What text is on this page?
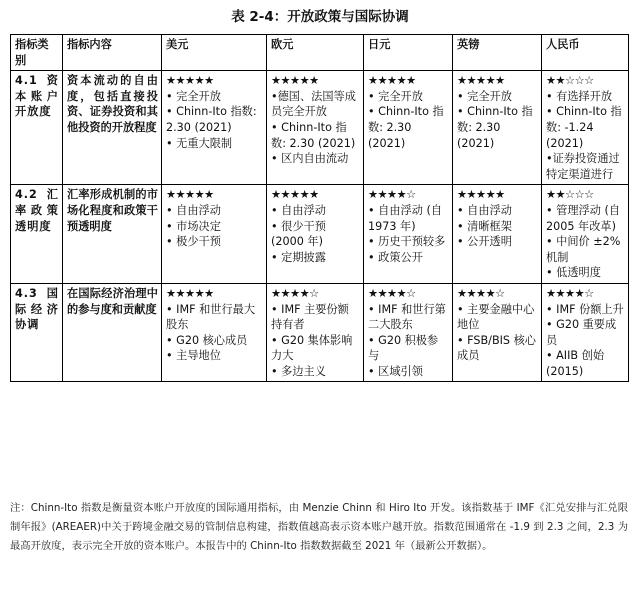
表 2-4：开放政策与国际协调
指标类别	指标内容	美元	欧元	日元	英镑	人民币
4.1资本账户开放度	资本流动的自由度，包括直接投资、证券投资和其他投资的开放程度	★★★★★
• 完全开放
• Chinn-Ito 指数: 2.30 (2021)
• 无重大限制	★★★★★
•德国、法国等成员完全开放
• Chinn-Ito 指数: 2.30 (2021)
• 区内自由流动	★★★★★
• 完全开放
• Chinn-Ito 指数: 2.30 (2021)	★★★★★
• 完全开放
• Chinn-Ito 指数: 2.30 (2021)	★★☆☆☆
• 有选择开放
• Chinn-Ito 指数: -1.24 (2021)
•证券投资通过特定渠道进行

4.2汇率政策透明度	汇率形成机制的市场化程度和政策干预透明度	★★★★★
• 自由浮动
• 市场决定
• 极少干预	★★★★★
• 自由浮动
• 很少干预 (2000 年)
• 定期披露	★★★★☆
• 自由浮动 (自 1973 年)
• 历史干预较多
• 政策公开	★★★★★
• 自由浮动
• 清晰框架
• 公开透明	★★☆☆☆
• 管理浮动 (自 2005 年改革)
• 中间价 ±2%机制
• 低透明度

4.3国际经济协调	在国际经济治理中的参与度和贡献度	★★★★★
• IMF 和世行最大股东
• G20 核心成员
• 主导地位	★★★★☆
• IMF 主要份额持有者
• G20 集体影响力大
• 多边主义	★★★★☆
• IMF 和世行第二大股东
• G20 积极参与
• 区域引领	★★★★☆
• 主要金融中心地位
• FSB/BIS 核心成员	★★★★☆
• IMF 份额上升
• G20 重要成员
• AIIB 创始 (2015)
注：Chinn-Ito 指数是衡量资本账户开放度的国际通用指标，由 Menzie Chinn 和 Hiro Ito 开发。该指数基于 IMF《汇兑安排与汇兑限制年报》(AREAER)中关于跨境金融交易的管制信息构建，指数值越高表示资本账户越开放。指数范围通常在 -1.9 到 2.3 之间，2.3 为最高开放度，表示完全开放的资本账户。本报告中的 Chinn-Ito 指数数据截至 2021 年（最新公开数据）。
